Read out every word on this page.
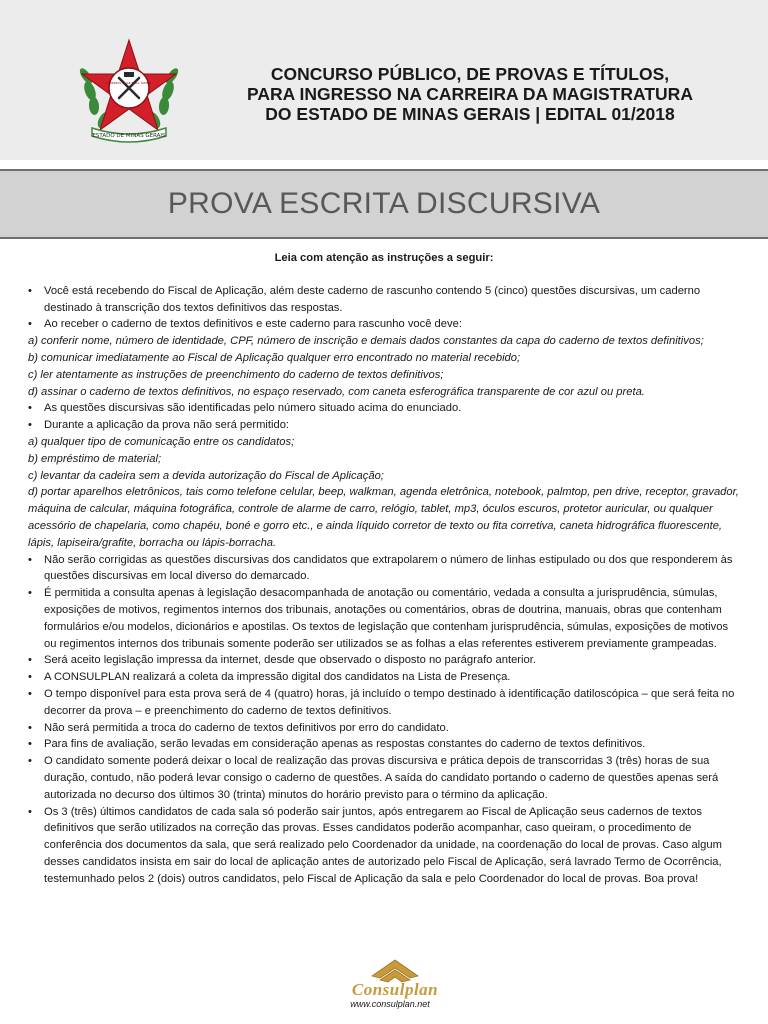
ESTADO DE MINAS GERAIS
LIBERTAS QUAE SERA TAMEN	CONCURSO PÚBLICO, DE PROVAS E TÍTULOS,
PARA INGRESSO NA CARREIRA DA MAGISTRATURA
DO ESTADO DE MINAS GERAIS | EDITAL 01/2018
PROVA ESCRITA DISCURSIVA
Leia com atenção as instruções a seguir:

• Você está recebendo do Fiscal de Aplicação, além deste caderno de rascunho contendo 5 (cinco) questões discursivas, um caderno destinado à transcrição dos textos definitivos das respostas.

• Ao receber o caderno de textos definitivos e este caderno para rascunho você deve:

a) conferir nome, número de identidade, CPF, número de inscrição e demais dados constantes da capa do caderno de textos definitivos;

b) comunicar imediatamente ao Fiscal de Aplicação qualquer erro encontrado no material recebido;

c) ler atentamente as instruções de preenchimento do caderno de textos definitivos;

d) assinar o caderno de textos definitivos, no espaço reservado, com caneta esferográfica transparente de cor azul ou preta.

• As questões discursivas são identificadas pelo número situado acima do enunciado.

• Durante a aplicação da prova não será permitido:

a) qualquer tipo de comunicação entre os candidatos;

b) empréstimo de material;

c) levantar da cadeira sem a devida autorização do Fiscal de Aplicação;

d) portar aparelhos eletrônicos, tais como telefone celular, beep, walkman, agenda eletrônica, notebook, palmtop, pen drive, receptor, gravador, máquina de calcular, máquina fotográfica, controle de alarme de carro, relógio, tablet, mp3, óculos escuros, protetor auricular, ou qualquer acessório de chapelaria, como chapéu, boné e gorro etc., e ainda líquido corretor de texto ou fita corretiva, caneta hidrográfica fluorescente, lápis, lapiseira/grafite, borracha ou lápis-borracha.

• Não serão corrigidas as questões discursivas dos candidatos que extrapolarem o número de linhas estipulado ou dos que responderem às questões discursivas em local diverso do demarcado.

• É permitida a consulta apenas à legislação desacompanhada de anotação ou comentário, vedada a consulta a jurisprudência, súmulas, exposições de motivos, regimentos internos dos tribunais, anotações ou comentários, obras de doutrina, manuais, obras que contenham formulários e/ou modelos, dicionários e apostilas. Os textos de legislação que contenham jurisprudência, súmulas, exposições de motivos ou regimentos internos dos tribunais somente poderão ser utilizados se as folhas a elas referentes estiverem previamente grampeadas.

• Será aceito legislação impressa da internet, desde que observado o disposto no parágrafo anterior.

• A CONSULPLAN realizará a coleta da impressão digital dos candidatos na Lista de Presença.

• O tempo disponível para esta prova será de 4 (quatro) horas, já incluído o tempo destinado à identificação datiloscópica – que será feita no decorrer da prova – e preenchimento do caderno de textos definitivos.

• Não será permitida a troca do caderno de textos definitivos por erro do candidato.

• Para fins de avaliação, serão levadas em consideração apenas as respostas constantes do caderno de textos definitivos.

• O candidato somente poderá deixar o local de realização das provas discursiva e prática depois de transcorridas 3 (três) horas de sua duração, contudo, não poderá levar consigo o caderno de questões. A saída do candidato portando o caderno de questões apenas será autorizada no decurso dos últimos 30 (trinta) minutos do horário previsto para o término da aplicação.

• Os 3 (três) últimos candidatos de cada sala só poderão sair juntos, após entregarem ao Fiscal de Aplicação seus cadernos de textos definitivos que serão utilizados na correção das provas. Esses candidatos poderão acompanhar, caso queiram, o procedimento de conferência dos documentos da sala, que será realizado pelo Coordenador da unidade, na coordenação do local de provas. Caso algum desses candidatos insista em sair do local de aplicação antes de autorizado pelo Fiscal de Aplicação, será lavrado Termo de Ocorrência, testemunhado pelos 2 (dois) outros candidatos, pelo Fiscal de Aplicação da sala e pelo Coordenador do local de provas. Boa prova!

Consulplan
www.consulplan.net
